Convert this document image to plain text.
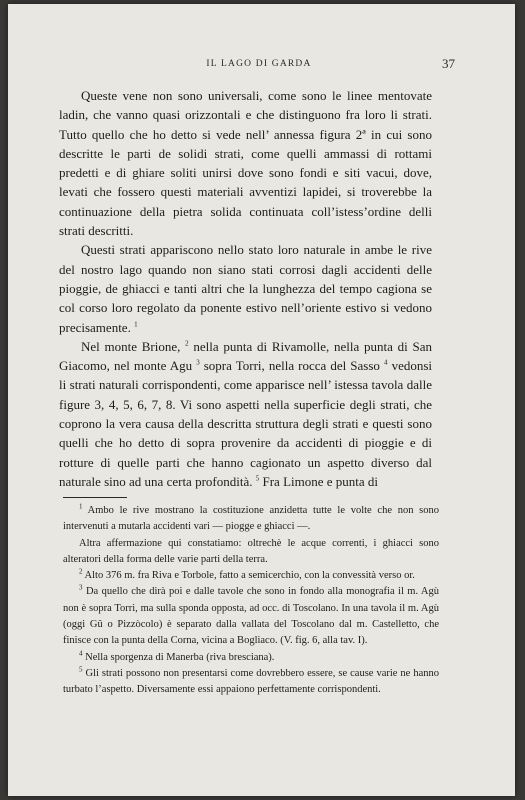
IL LAGO DI GARDA	37

Queste vene non sono universali, come sono le linee mentovate ladin, che vanno quasi orizzontali e che distinguono fra loro li strati. Tutto quello che ho detto si vede nell’ annessa figura 2ª in cui sono descritte le parti de solidi strati, come quelli ammassi di rottami predetti e di ghiare soliti unirsi dove sono fondi e siti vacui, dove, levati che fossero questi materiali avventizi lapidei, si troverebbe la continuazione della pietra solida continuata coll’istess’ordine delli strati descritti.

Questi strati appariscono nello stato loro naturale in ambe le rive del nostro lago quando non siano stati corrosi dagli accidenti delle pioggie, de ghiacci e tanti altri che la lunghezza del tempo cagiona se col corso loro regolato da ponente estivo nell’oriente estivo si vedono precisamente. $^1$

Nel monte Brione, $^2$ nella punta di Rivamolle, nella punta di San Giacomo, nel monte Agu $^3$ sopra Torri, nella rocca del Sasso $^4$ vedonsi li strati naturali corrispondenti, come apparisce nell’ istessa tavola dalle figure 3, 4, 5, 6, 7, 8. Vi sono aspetti nella superficie degli strati, che coprono la vera causa della descritta struttura degli strati e questi sono quelli che ho detto di sopra provenire da accidenti di pioggie e di rotture di quelle parti che hanno cagionato un aspetto diverso dal naturale sino ad una certa profondità. $^5$ Fra Limone e punta di

$^1$ Ambo le rive mostrano la costituzione anzidetta tutte le volte che non sono intervenuti a mutarla accidenti vari — piogge e ghiacci —.

Altra affermazione qui constatiamo: oltrechè le acque correnti, i ghiacci sono alteratori della forma delle varie parti della terra.

$^2$ Alto 376 m. fra Riva e Torbole, fatto a semicerchio, con la convessità verso or.

$^3$ Da quello che dirà poi e dalle tavole che sono in fondo alla monografia il m. Agù non è sopra Torri, ma sulla sponda opposta, ad occ. di Toscolano. In una tavola il m. Agù (oggi Gû o Pizzòcolo) è separato dalla vallata del Toscolano dal m. Castelletto, che finisce con la punta della Corna, vicina a Bogliaco. (V. fig. 6, alla tav. I).

$^4$ Nella sporgenza di Manerba (riva bresciana).

$^5$ Gli strati possono non presentarsi come dovrebbero essere, se cause varie ne hanno turbato l’aspetto. Diversamente essi appaiono perfettamente corrispondenti.
